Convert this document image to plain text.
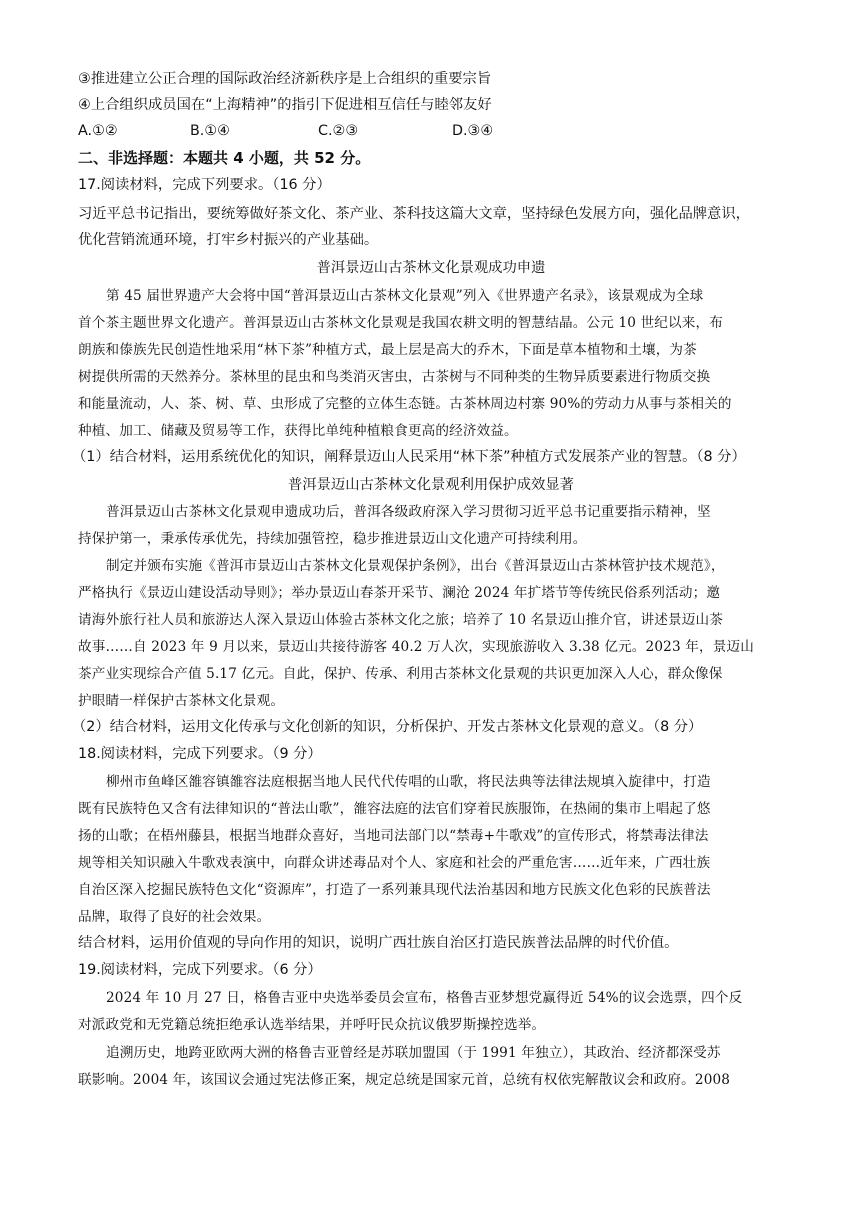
③推进建立公正合理的国际政治经济新秩序是上合组织的重要宗旨
④上合组织成员国在“上海精神”的指引下促进相互信任与睦邻友好
A.①②	B.①④	C.②③	D.③④
二、非选择题：本题共 4 小题，共 52 分。
17.阅读材料，完成下列要求。（16 分）
习近平总书记指出，要统筹做好茶文化、茶产业、茶科技这篇大文章，坚持绿色发展方向，强化品牌意识，
优化营销流通环境，打牢乡村振兴的产业基础。
普洱景迈山古茶林文化景观成功申遗
第 45 届世界遗产大会将中国“普洱景迈山古茶林文化景观”列入《世界遗产名录》，该景观成为全球
首个茶主题世界文化遗产。普洱景迈山古茶林文化景观是我国农耕文明的智慧结晶。公元 10 世纪以来，布
朗族和傣族先民创造性地采用“林下茶”种植方式，最上层是高大的乔木，下面是草本植物和土壤，为茶
树提供所需的天然养分。茶林里的昆虫和鸟类消灭害虫，古茶树与不同种类的生物异质要素进行物质交换
和能量流动，人、茶、树、草、虫形成了完整的立体生态链。古茶林周边村寨 90%的劳动力从事与茶相关的
种植、加工、储藏及贸易等工作，获得比单纯种植粮食更高的经济效益。
（1）结合材料，运用系统优化的知识，阐释景迈山人民采用“林下茶”种植方式发展茶产业的智慧。（8 分）
普洱景迈山古茶林文化景观利用保护成效显著
普洱景迈山古茶林文化景观申遗成功后，普洱各级政府深入学习贯彻习近平总书记重要指示精神，坚
持保护第一，秉承传承优先，持续加强管控，稳步推进景迈山文化遗产可持续利用。
制定并颁布实施《普洱市景迈山古茶林文化景观保护条例》，出台《普洱景迈山古茶林管护技术规范》，
严格执行《景迈山建设活动导则》；举办景迈山春茶开采节、澜沧 2024 年扩塔节等传统民俗系列活动；邀
请海外旅行社人员和旅游达人深入景迈山体验古茶林文化之旅；培养了 10 名景迈山推介官，讲述景迈山茶
故事……自 2023 年 9 月以来，景迈山共接待游客 40.2 万人次，实现旅游收入 3.38 亿元。2023 年，景迈山
茶产业实现综合产值 5.17 亿元。自此，保护、传承、利用古茶林文化景观的共识更加深入人心，群众像保
护眼睛一样保护古茶林文化景观。
（2）结合材料，运用文化传承与文化创新的知识，分析保护、开发古茶林文化景观的意义。（8 分）
18.阅读材料，完成下列要求。（9 分）
柳州市鱼峰区雒容镇雒容法庭根据当地人民代代传唱的山歌，将民法典等法律法规填入旋律中，打造
既有民族特色又含有法律知识的“普法山歌”，雒容法庭的法官们穿着民族服饰，在热闹的集市上唱起了悠
扬的山歌；在梧州藤县，根据当地群众喜好，当地司法部门以“禁毒+牛歌戏”的宣传形式，将禁毒法律法
规等相关知识融入牛歌戏表演中，向群众讲述毒品对个人、家庭和社会的严重危害……近年来，广西壮族
自治区深入挖掘民族特色文化“资源库”，打造了一系列兼具现代法治基因和地方民族文化色彩的民族普法
品牌，取得了良好的社会效果。
结合材料，运用价值观的导向作用的知识，说明广西壮族自治区打造民族普法品牌的时代价值。
19.阅读材料，完成下列要求。（6 分）
2024 年 10 月 27 日，格鲁吉亚中央选举委员会宣布，格鲁吉亚梦想党赢得近 54%的议会选票，四个反
对派政党和无党籍总统拒绝承认选举结果，并呼吁民众抗议俄罗斯操控选举。
追溯历史，地跨亚欧两大洲的格鲁吉亚曾经是苏联加盟国（于 1991 年独立），其政治、经济都深受苏
联影响。2004 年，该国议会通过宪法修正案，规定总统是国家元首，总统有权依宪解散议会和政府。2008
